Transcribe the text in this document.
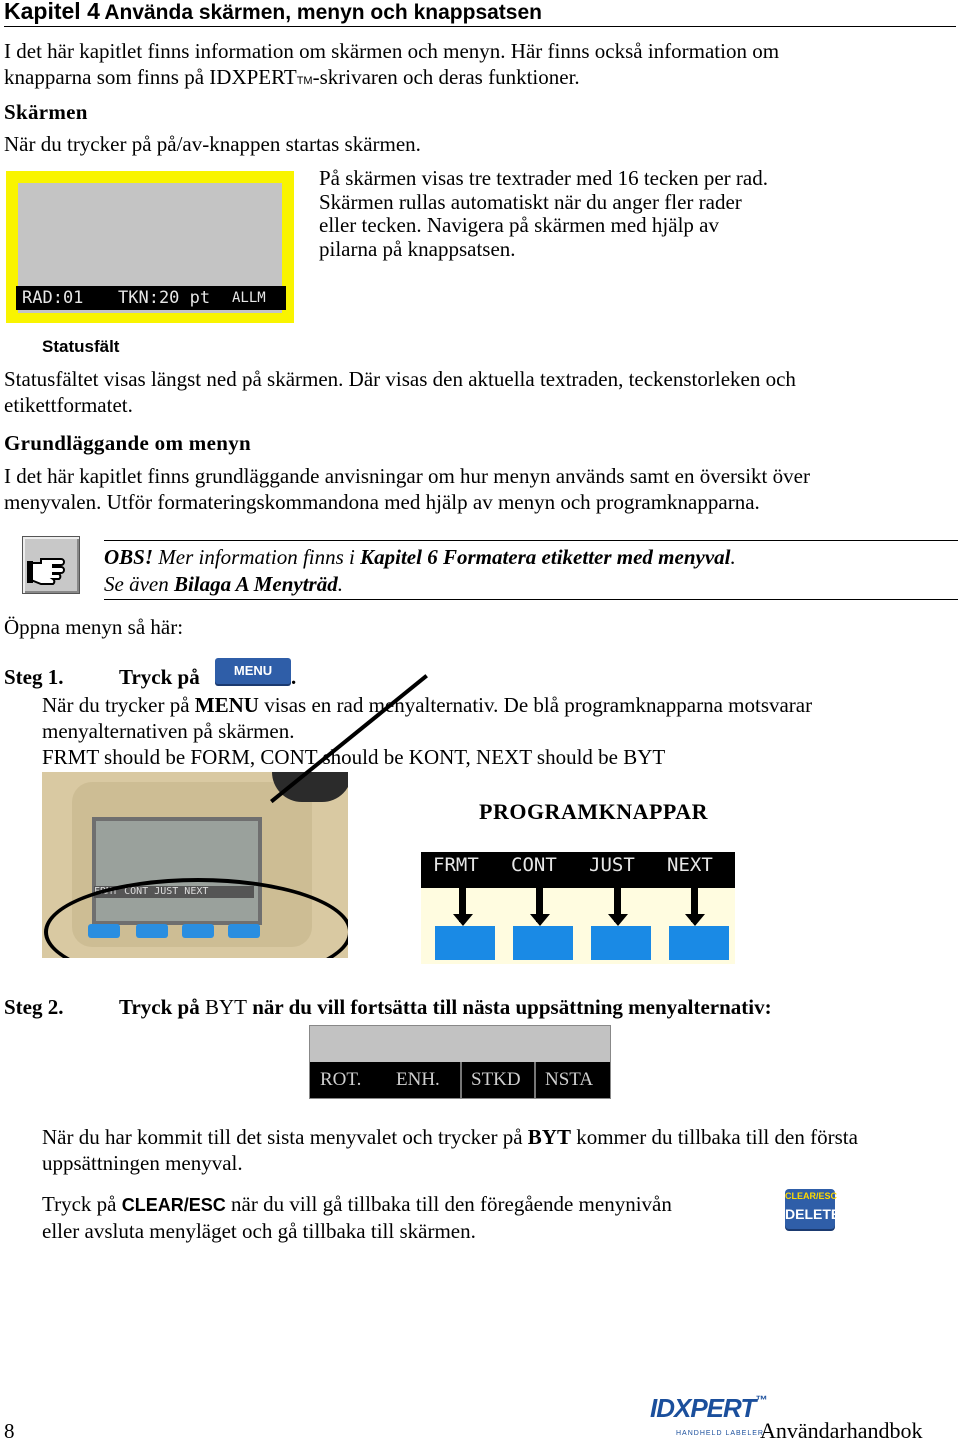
Kapitel 4 Använda skärmen, menyn och knappsatsen
I det här kapitlet finns information om skärmen och menyn. Här finns också information om
knapparna som finns på IDXPERTTM-skrivaren och deras funktioner.
Skärmen
När du trycker på på/av-knappen startas skärmen.
RAD:01 TKN:20 pt ALLM
På skärmen visas tre textrader med 16 tecken per rad.
Skärmen rullas automatiskt när du anger fler rader
eller tecken. Navigera på skärmen med hjälp av
pilarna på knappsatsen.
Statusfält
Statusfältet visas längst ned på skärmen. Där visas den aktuella textraden, teckenstorleken och
etikettformatet.
Grundläggande om menyn
I det här kapitlet finns grundläggande anvisningar om hur menyn används samt en översikt över
menyvalen. Utför formateringskommandona med hjälp av menyn och programknapparna.
OBS! Mer information finns i Kapitel 6 Formatera etiketter med menyval.
Se även Bilaga A Menyträd.
Öppna menyn så här:
Steg 1.	Tryck på	MENU .
När du trycker på MENU visas en rad menyalternativ. De blå programknapparna motsvarar
menyalternativen på skärmen.
FRMT should be FORM, CONT should be KONT, NEXT should be BYT
FRMT CONT JUST NEXT
PROGRAMKNAPPAR
FRMT CONT JUST NEXT
Steg 2.	Tryck på BYT när du vill fortsätta till nästa uppsättning menyalternativ:
ROT. ENH. STKD NSTA
När du har kommit till det sista menyvalet och trycker på BYT kommer du tillbaka till den första
uppsättningen menyval.
Tryck på CLEAR/ESC när du vill gå tillbaka till den föregående menynivån
eller avsluta menyläget och gå tillbaka till skärmen.
CLEAR/ESC
DELETE
8
IDXPERT™
HANDHELD LABELER
Användarhandbok
